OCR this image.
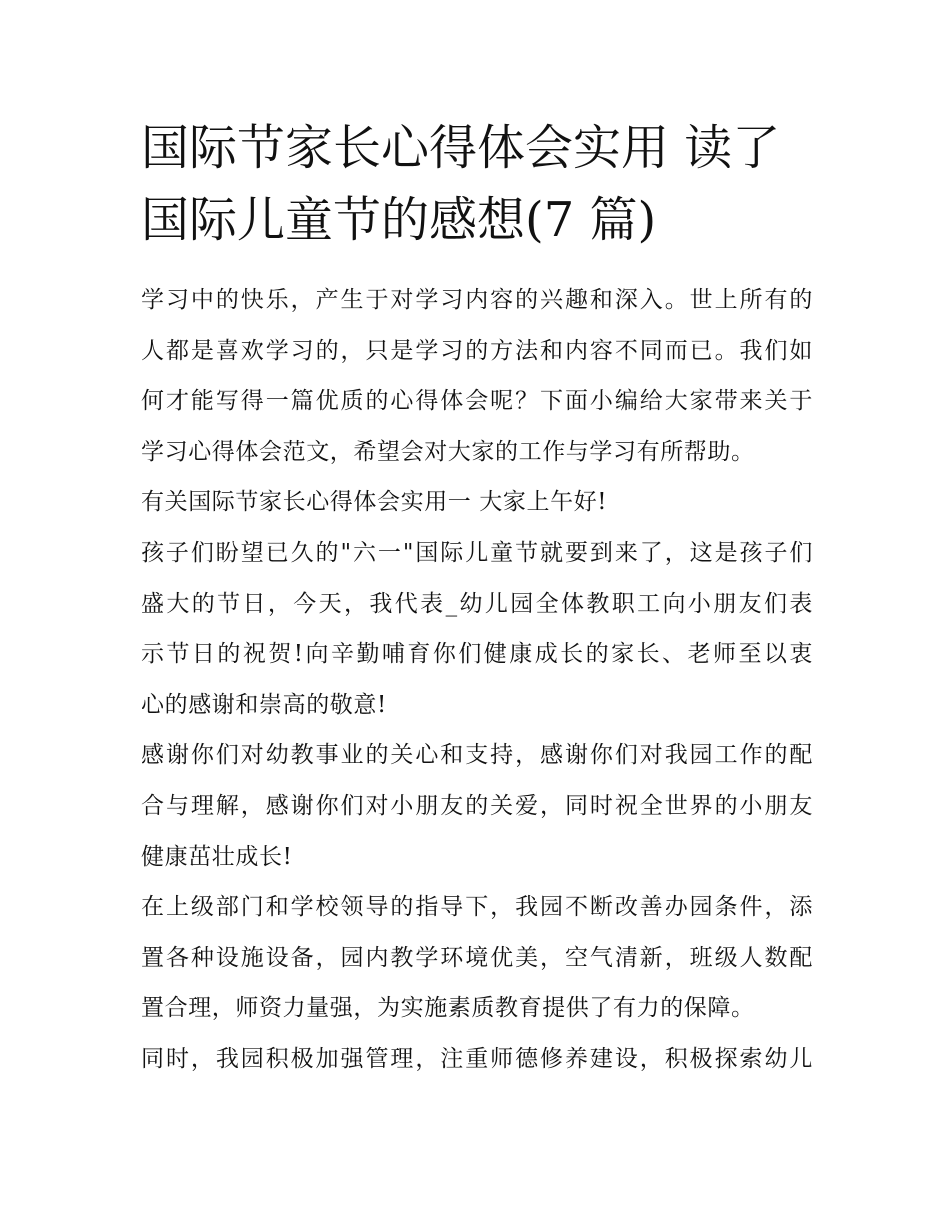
国际节家长心得体会实用 读了
国际儿童节的感想(7 篇)
学习中的快乐，产生于对学习内容的兴趣和深入。世上所有的
人都是喜欢学习的，只是学习的方法和内容不同而已。我们如
何才能写得一篇优质的心得体会呢？下面小编给大家带来关于
学习心得体会范文，希望会对大家的工作与学习有所帮助。
有关国际节家长心得体会实用一 大家上午好!
孩子们盼望已久的"六一"国际儿童节就要到来了，这是孩子们
盛大的节日，今天，我代表_幼儿园全体教职工向小朋友们表
示节日的祝贺!向辛勤哺育你们健康成长的家长、老师至以衷
心的感谢和崇高的敬意!
感谢你们对幼教事业的关心和支持，感谢你们对我园工作的配
合与理解，感谢你们对小朋友的关爱，同时祝全世界的小朋友
健康茁壮成长!
在上级部门和学校领导的指导下，我园不断改善办园条件，添
置各种设施设备，园内教学环境优美，空气清新，班级人数配
置合理，师资力量强，为实施素质教育提供了有力的保障。
同时，我园积极加强管理，注重师德修养建设，积极探索幼儿
